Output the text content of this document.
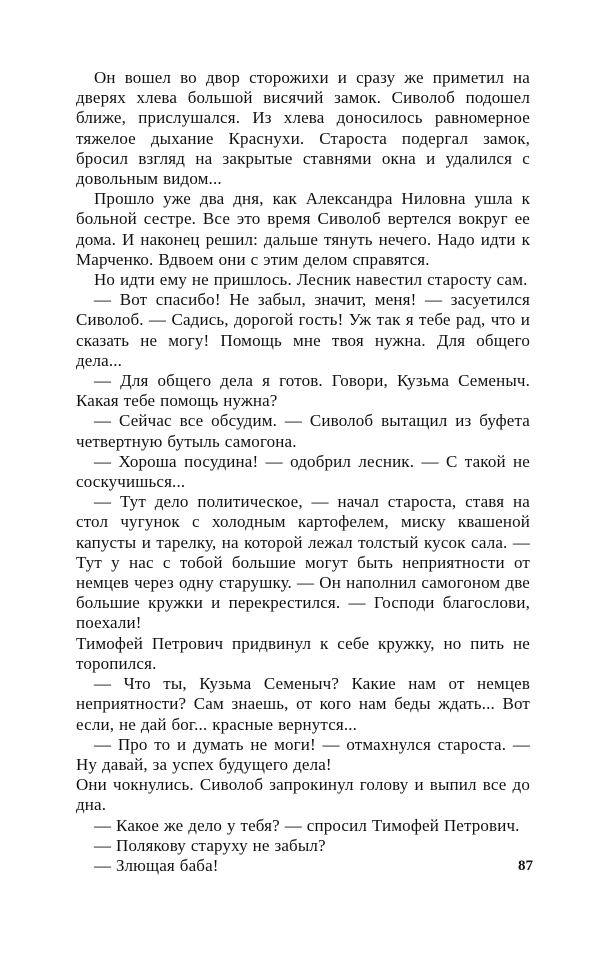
Он вошел во двор сторожихи и сразу же приметил на дверях хлева большой висячий замок. Сиволоб подошел ближе, прислушался. Из хлева доносилось равномерное тяжелое дыхание Краснухи. Староста подергал замок, бросил взгляд на закрытые ставнями окна и удалился с довольным видом...

Прошло уже два дня, как Александра Ниловна ушла к больной сестре. Все это время Сиволоб вертелся вокруг ее дома. И наконец решил: дальше тянуть нечего. Надо идти к Марченко. Вдвоем они с этим делом справятся.

Но идти ему не пришлось. Лесник навестил старосту сам.

— Вот спасибо! Не забыл, значит, меня! — засуетился Сиволоб. — Садись, дорогой гость! Уж так я тебе рад, что и сказать не могу! Помощь мне твоя нужна. Для общего дела...

— Для общего дела я готов. Говори, Кузьма Семеныч. Какая тебе помощь нужна?

— Сейчас все обсудим. — Сиволоб вытащил из буфета четвертную бутыль самогона.

— Хороша посудина! — одобрил лесник. — С такой не соскучишься...

— Тут дело политическое, — начал староста, ставя на стол чугунок с холодным картофелем, миску квашеной капусты и тарелку, на которой лежал толстый кусок сала. — Тут у нас с тобой большие могут быть неприятности от немцев через одну старушку. — Он наполнил самогоном две большие кружки и перекрестился. — Господи благослови, поехали!

Тимофей Петрович придвинул к себе кружку, но пить не торопился.

— Что ты, Кузьма Семеныч? Какие нам от немцев неприятности? Сам знаешь, от кого нам беды ждать... Вот если, не дай бог... красные вернутся...

— Про то и думать не моги! — отмахнулся староста. — Ну давай, за успех будущего дела!

Они чокнулись. Сиволоб запрокинул голову и выпил все до дна.

— Какое же дело у тебя? — спросил Тимофей Петрович.

— Полякову старуху не забыл?

— Злющая баба!	87
